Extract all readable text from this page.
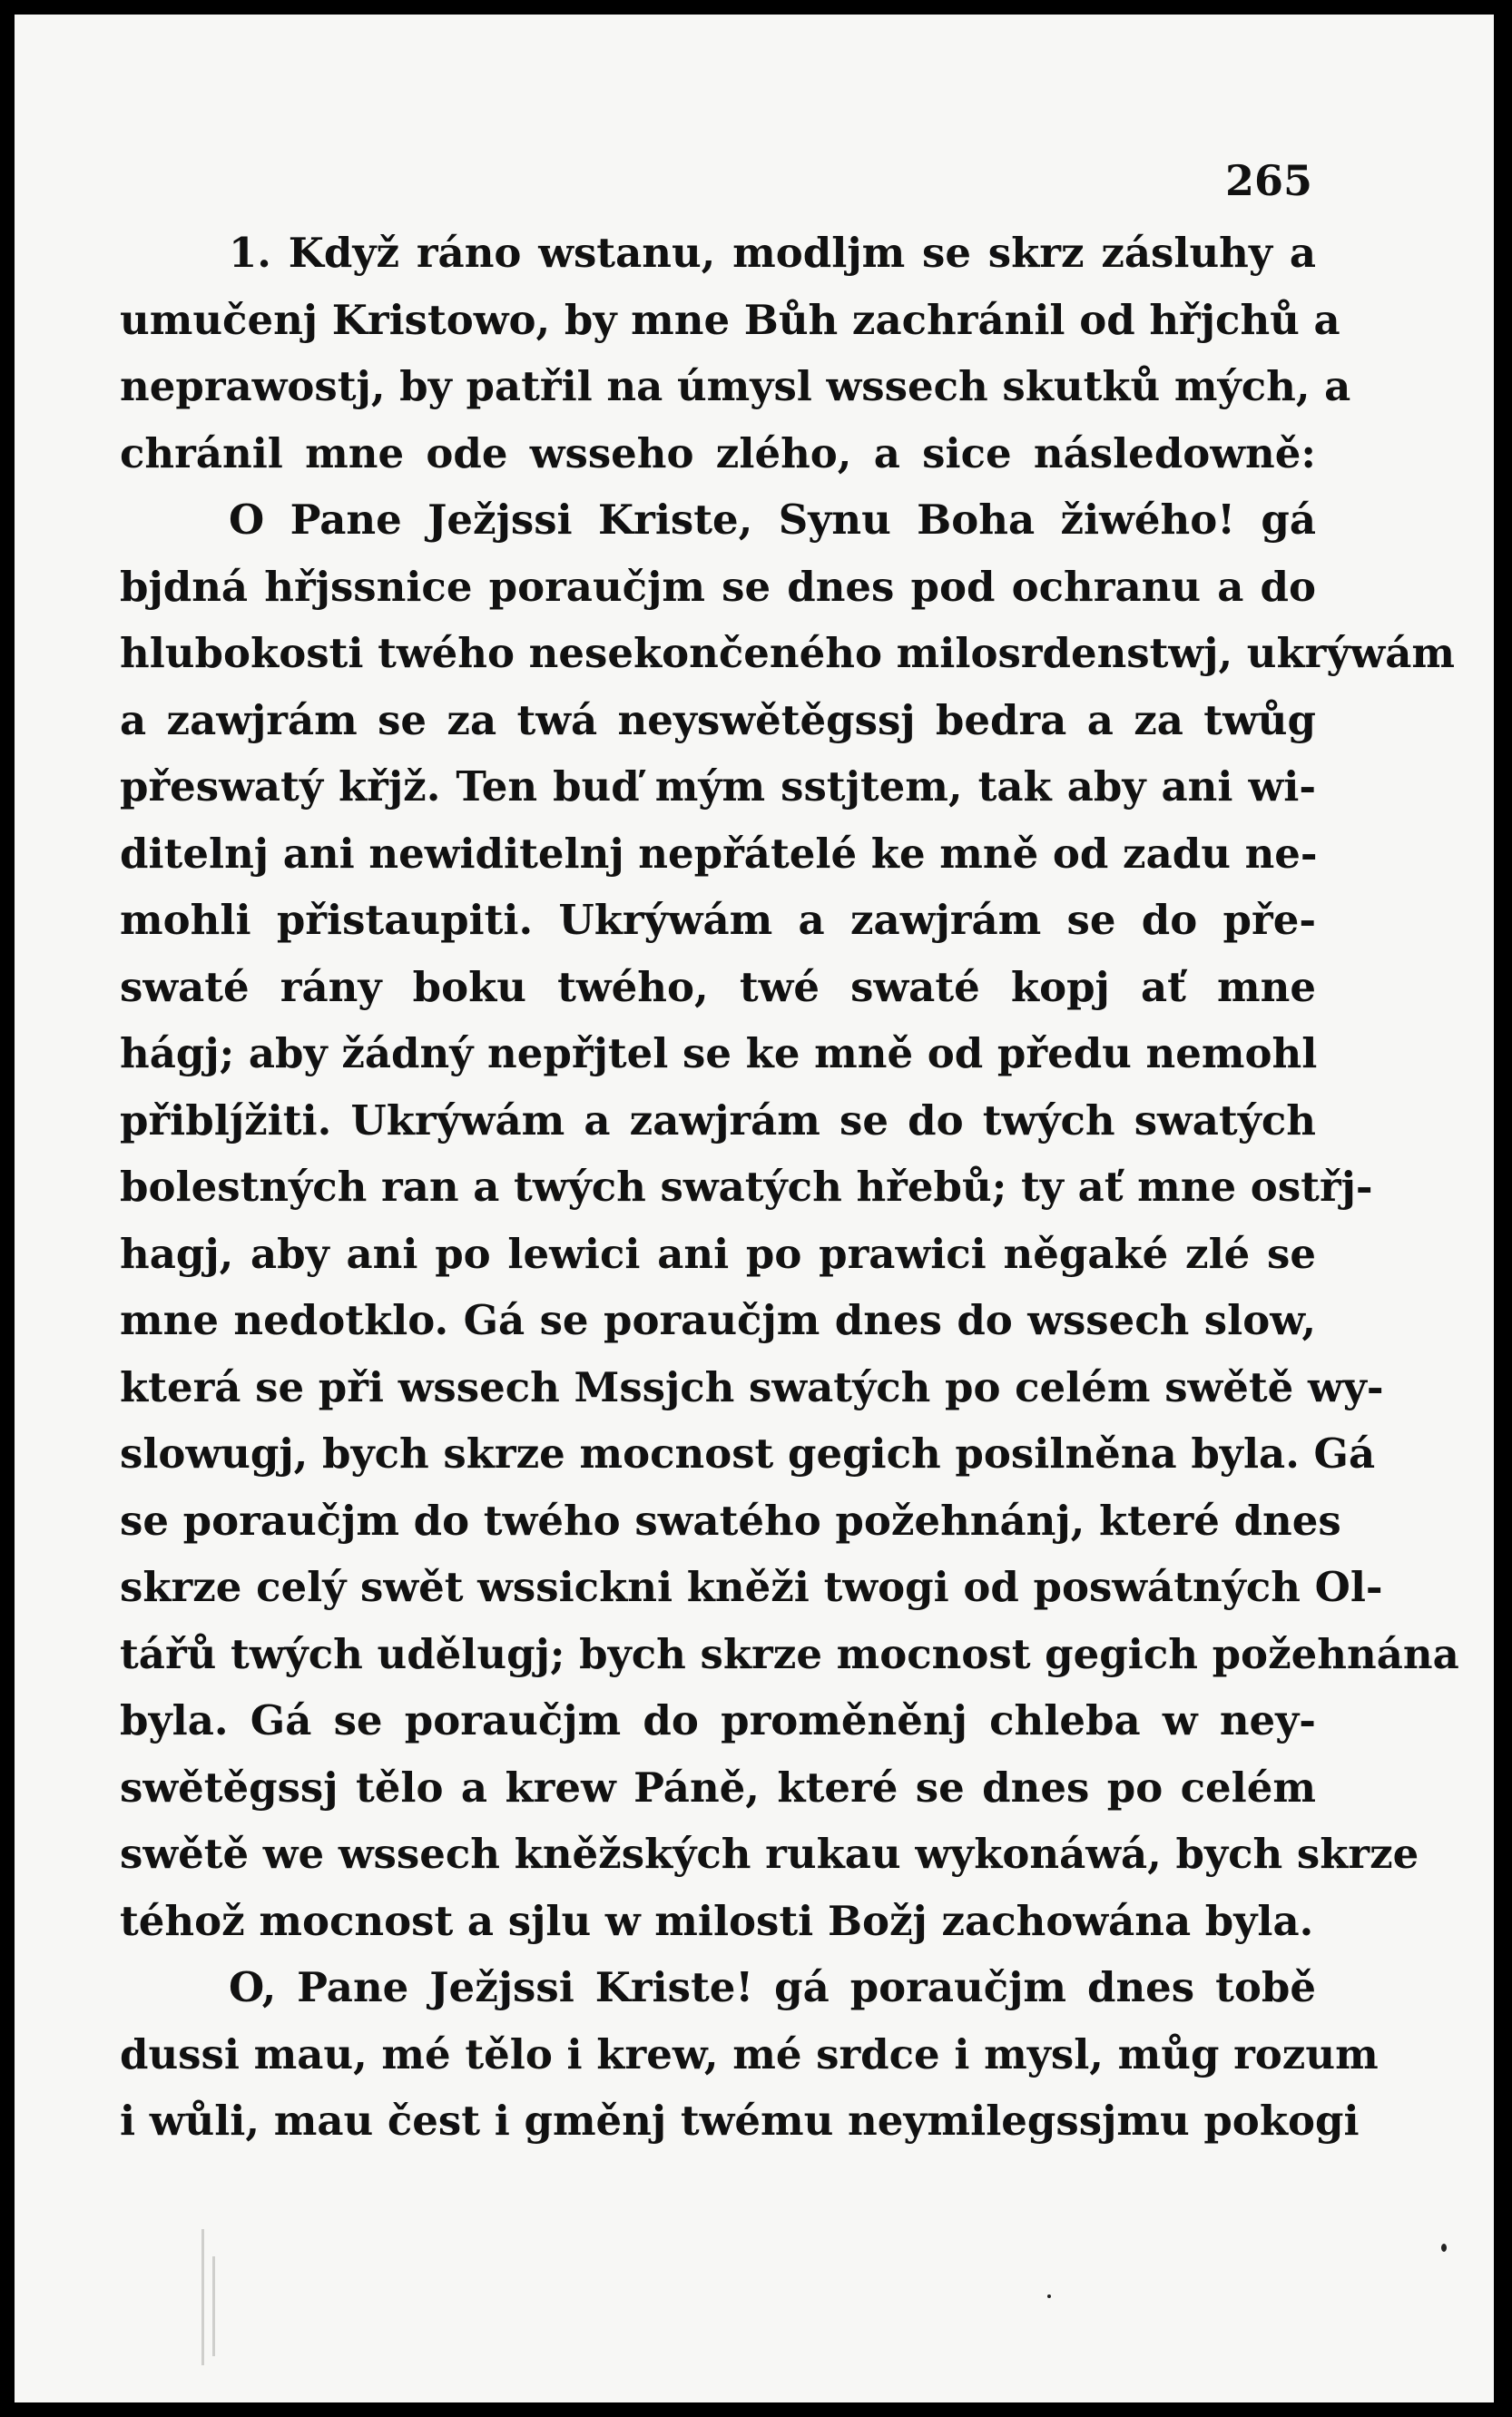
265
1. Když ráno wstanu, modljm se skrz zásluhy a
umučenj Kristowo, by mne Bůh zachránil od hřjchů a
neprawostj, by patřil na úmysl wssech skutků mých, a
chránil mne ode wsseho zlého, a sice následowně:
O Pane Ježjssi Kriste, Synu Boha žiwého! gá
bjdná hřjssnice poraučjm se dnes pod ochranu a do
hlubokosti twého nesekončeného milosrdenstwj, ukrýwám
a zawjrám se za twá neyswětěgssj bedra a za twůg
přeswatý křjž. Ten buď mým sstjtem, tak aby ani wi-
ditelnj ani newiditelnj nepřátelé ke mně od zadu ne-
mohli přistaupiti. Ukrýwám a zawjrám se do pře-
swaté rány boku twého, twé swaté kopj ať mne
hágj; aby žádný nepřjtel se ke mně od předu nemohl
přiblj́žiti. Ukrýwám a zawjrám se do twých swatých
bolestných ran a twých swatých hřebů; ty ať mne ostřj-
hagj, aby ani po lewici ani po prawici něgaké zlé se
mne nedotklo. Gá se poraučjm dnes do wssech slow,
která se při wssech Mssjch swatých po celém swětě wy-
slowugj, bych skrze mocnost gegich posilněna byla. Gá
se poraučjm do twého swatého požehnánj, které dnes
skrze celý swět wssickni kněži twogi od poswátných Ol-
tářů twých udělugj; bych skrze mocnost gegich požehnána
byla. Gá se poraučjm do proměněnj chleba w ney-
swětěgssj tělo a krew Páně, které se dnes po celém
swětě we wssech kněžských rukau wykonáwá, bych skrze
téhož mocnost a sjlu w milosti Božj zachowána byla.
O, Pane Ježjssi Kriste! gá poraučjm dnes tobě
dussi mau, mé tělo i krew, mé srdce i mysl, můg rozum
i wůli, mau čest i gměnj twému neymilegssjmu pokogi
